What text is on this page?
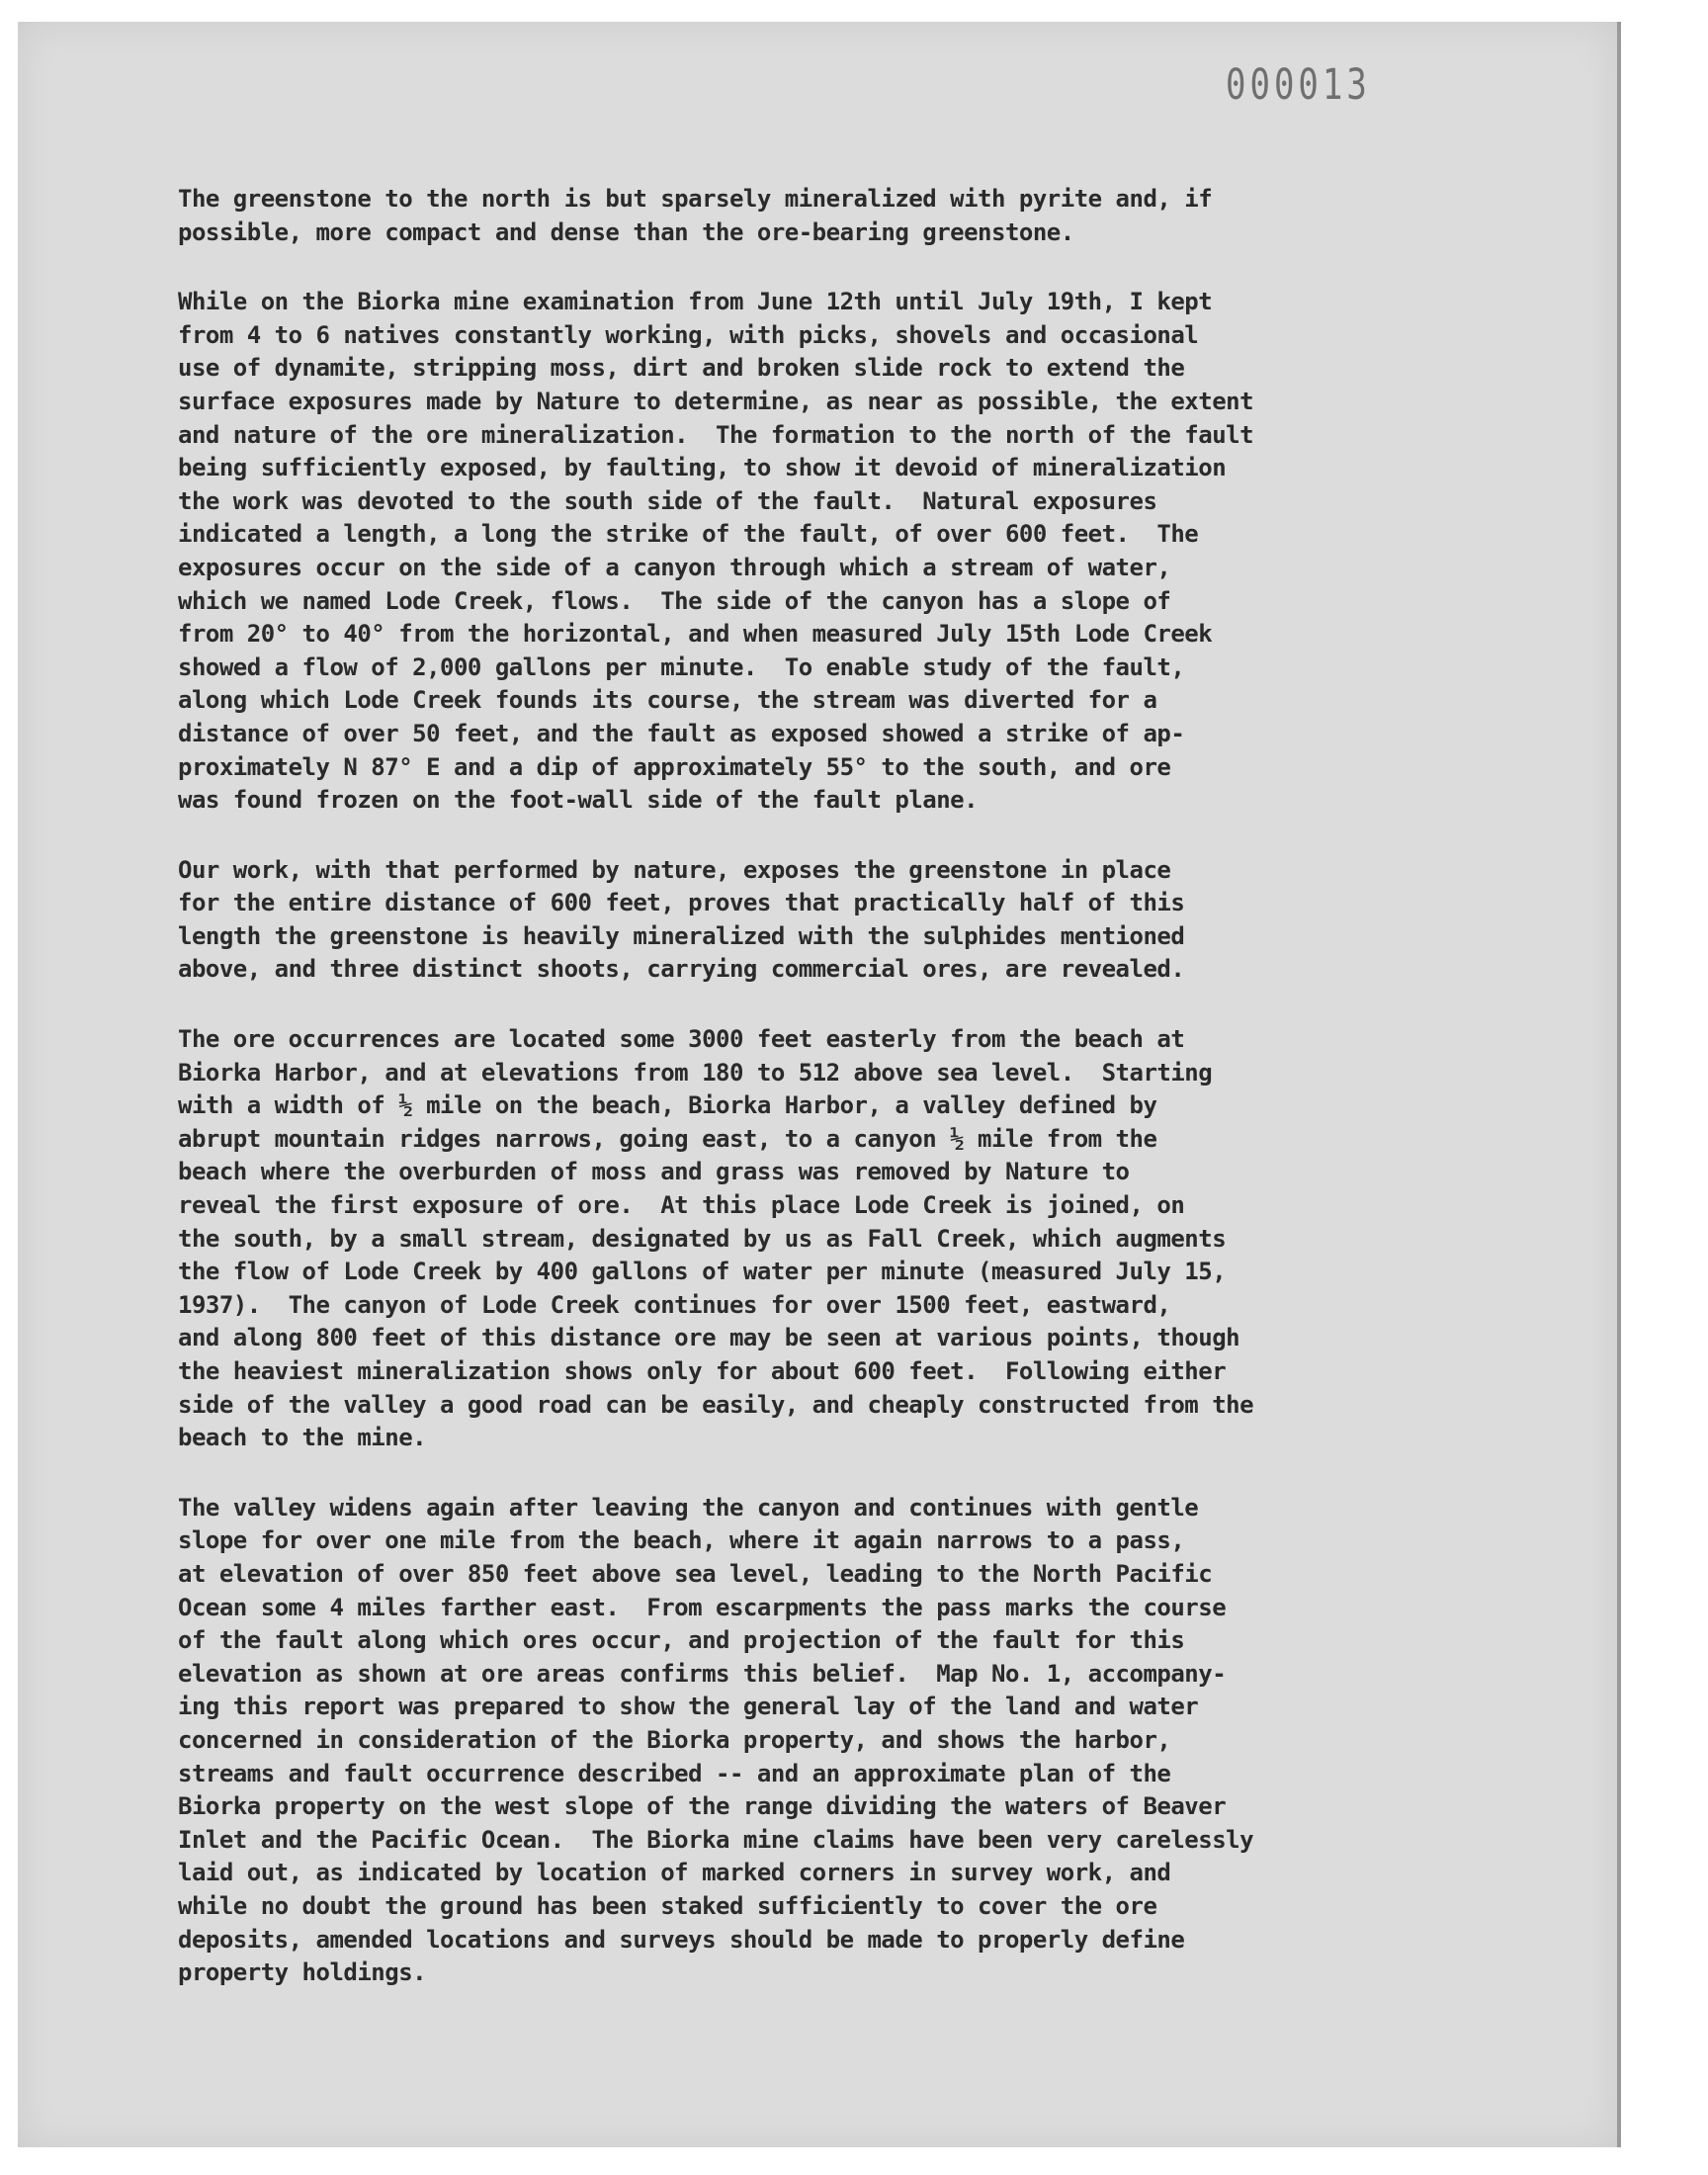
000013
The greenstone to the north is but sparsely mineralized with pyrite and, if
possible, more compact and dense than the ore-bearing greenstone.
While on the Biorka mine examination from June 12th until July 19th, I kept
from 4 to 6 natives constantly working, with picks, shovels and occasional
use of dynamite, stripping moss, dirt and broken slide rock to extend the
surface exposures made by Nature to determine, as near as possible, the extent
and nature of the ore mineralization.  The formation to the north of the fault
being sufficiently exposed, by faulting, to show it devoid of mineralization
the work was devoted to the south side of the fault.  Natural exposures
indicated a length, a long the strike of the fault, of over 600 feet.  The
exposures occur on the side of a canyon through which a stream of water,
which we named Lode Creek, flows.  The side of the canyon has a slope of
from 20° to 40° from the horizontal, and when measured July 15th Lode Creek
showed a flow of 2,000 gallons per minute.  To enable study of the fault,
along which Lode Creek founds its course, the stream was diverted for a
distance of over 50 feet, and the fault as exposed showed a strike of ap-
proximately N 87° E and a dip of approximately 55° to the south, and ore
was found frozen on the foot-wall side of the fault plane.
Our work, with that performed by nature, exposes the greenstone in place
for the entire distance of 600 feet, proves that practically half of this
length the greenstone is heavily mineralized with the sulphides mentioned
above, and three distinct shoots, carrying commercial ores, are revealed.
The ore occurrences are located some 3000 feet easterly from the beach at
Biorka Harbor, and at elevations from 180 to 512 above sea level.  Starting
with a width of ½ mile on the beach, Biorka Harbor, a valley defined by
abrupt mountain ridges narrows, going east, to a canyon ½ mile from the
beach where the overburden of moss and grass was removed by Nature to
reveal the first exposure of ore.  At this place Lode Creek is joined, on
the south, by a small stream, designated by us as Fall Creek, which augments
the flow of Lode Creek by 400 gallons of water per minute (measured July 15,
1937).  The canyon of Lode Creek continues for over 1500 feet, eastward,
and along 800 feet of this distance ore may be seen at various points, though
the heaviest mineralization shows only for about 600 feet.  Following either
side of the valley a good road can be easily, and cheaply constructed from the
beach to the mine.
The valley widens again after leaving the canyon and continues with gentle
slope for over one mile from the beach, where it again narrows to a pass,
at elevation of over 850 feet above sea level, leading to the North Pacific
Ocean some 4 miles farther east.  From escarpments the pass marks the course
of the fault along which ores occur, and projection of the fault for this
elevation as shown at ore areas confirms this belief.  Map No. 1, accompany-
ing this report was prepared to show the general lay of the land and water
concerned in consideration of the Biorka property, and shows the harbor,
streams and fault occurrence described -- and an approximate plan of the
Biorka property on the west slope of the range dividing the waters of Beaver
Inlet and the Pacific Ocean.  The Biorka mine claims have been very carelessly
laid out, as indicated by location of marked corners in survey work, and
while no doubt the ground has been staked sufficiently to cover the ore
deposits, amended locations and surveys should be made to properly define
property holdings.
